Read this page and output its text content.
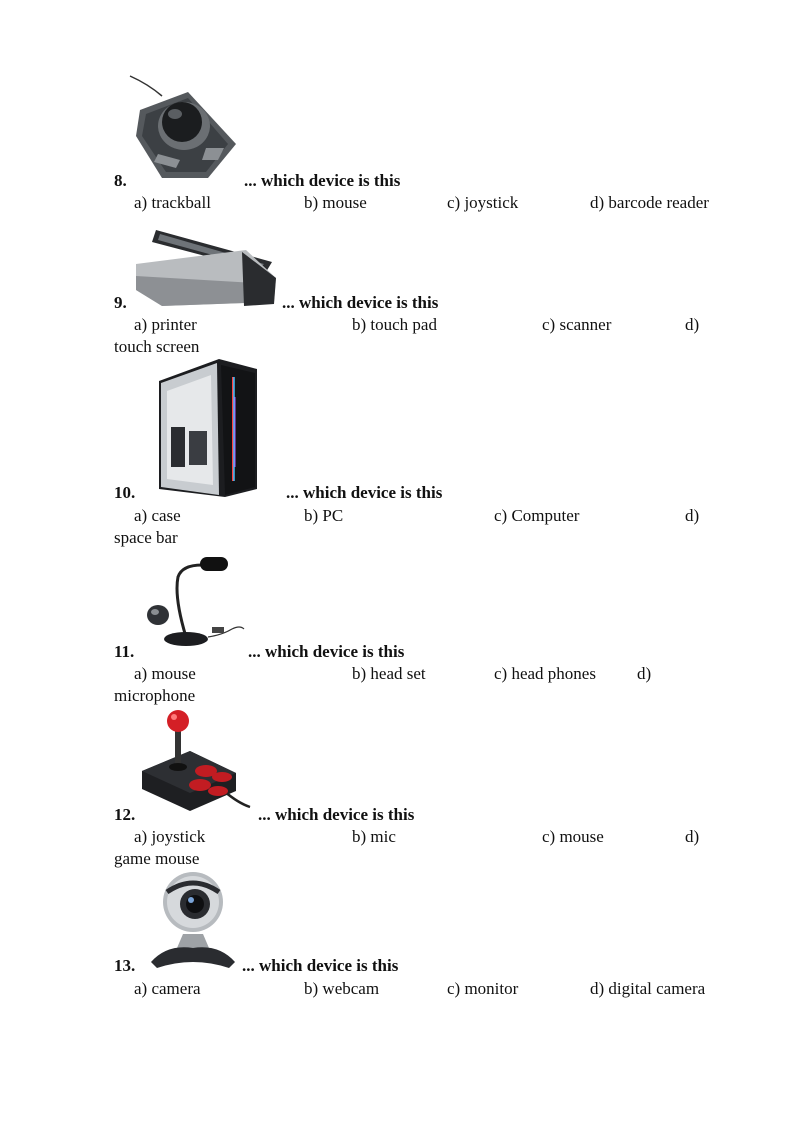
8.	... which device is this
a) trackball	b) mouse	c) joystick	d) barcode reader
9.	... which device is this
a) printer	b) touch pad	c) scanner	d)
touch screen
10.	... which device is this
a) case	b) PC	c) Computer	d)
space bar
11.	... which device is this
a) mouse	b) head set	c) head phones d)
microphone
12.	... which device is this
a) joystick	b) mic	c) mouse	d)
game mouse
13.	... which device is this
a) camera	b) webcam	c) monitor	d) digital camera
